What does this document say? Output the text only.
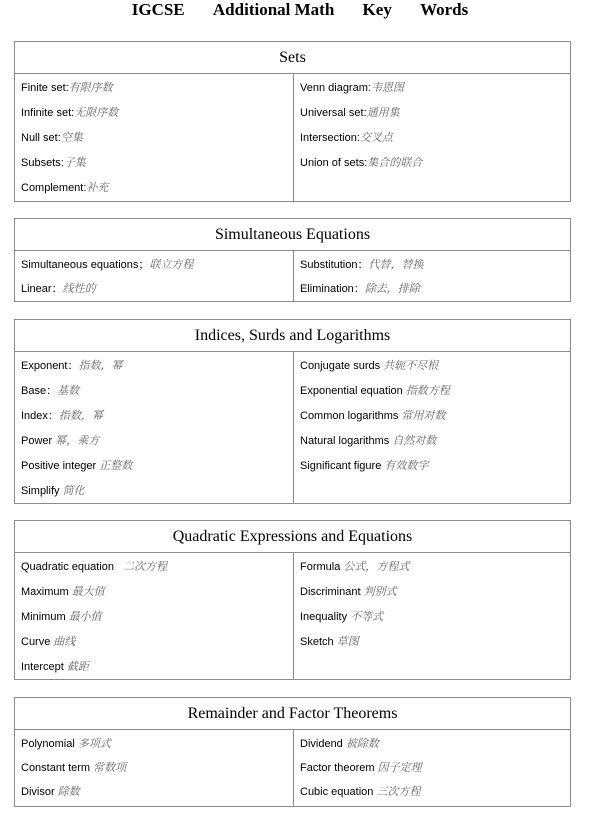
IGCSE Additional Math Key Words
Sets
Finite set:有限序数
Infinite set:无限序数
Null set:空集
Subsets:子集
Complement:补充
Venn diagram:韦恩图
Universal set:通用集
Intersection:交叉点
Union of sets:集合的联合
Simultaneous Equations
Simultaneous equations；联立方程
Linear：线性的
Substitution：代替，替换
Elimination：除去，排除
Indices, Surds and Logarithms
Exponent：指数，幂
Base：基数
Index：指数，幂
Power 幂，乘方
Positive integer 正整数
Simplify 简化
Conjugate surds 共轭不尽根
Exponential equation 指数方程
Common logarithms 常用对数
Natural logarithms 自然对数
Significant figure 有效数字
Quadratic Expressions and Equations
Quadratic equation 二次方程
Maximum 最大值
Minimum 最小值
Curve 曲线
Intercept 截距
Formula 公式，方程式
Discriminant 判别式
Inequality 不等式
Sketch 草图
Remainder and Factor Theorems
Polynomial 多项式
Constant term 常数项
Divisor 除数
Dividend 被除数
Factor theorem 因子定理
Cubic equation 三次方程
